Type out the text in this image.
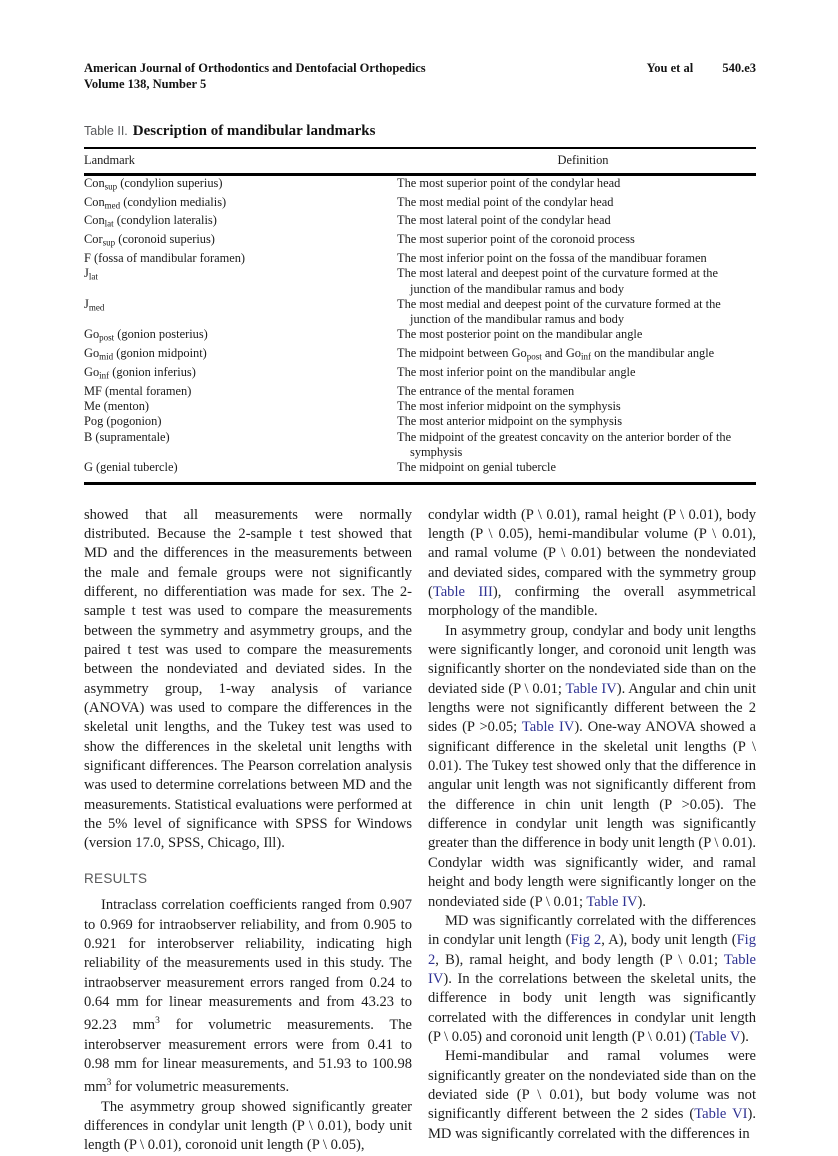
American Journal of Orthodontics and Dentofacial Orthopedics
Volume 138, Number 5
You et al 540.e3
Table II. Description of mandibular landmarks
Landmark	Definition
Con$_{sup}$ (condylion superius)	The most superior point of the condylar head
Con$_{med}$ (condylion medialis)	The most medial point of the condylar head
Con$_{lat}$ (condylion lateralis)	The most lateral point of the condylar head
Cor$_{sup}$ (coronoid superius)	The most superior point of the coronoid process
F (fossa of mandibular foramen)	The most inferior point on the fossa of the mandibuar foramen
$J_{lat}$	The most lateral and deepest point of the curvature formed at the junction of the mandibular ramus and body
$J_{med}$	The most medial and deepest point of the curvature formed at the junction of the mandibular ramus and body
$Go_{post}$ (gonion posterius)	The most posterior point on the mandibular angle
$Go_{mid}$ (gonion midpoint)	The midpoint between $Go_{post}$ and $Go_{inf}$ on the mandibular angle
$Go_{inf}$ (gonion inferius)	The most inferior point on the mandibular angle
MF (mental foramen)	The entrance of the mental foramen
Me (menton)	The most inferior midpoint on the symphysis
Pog (pogonion)	The most anterior midpoint on the symphysis
B (supramentale)	The midpoint of the greatest concavity on the anterior border of the symphysis
G (genial tubercle)	The midpoint on genial tubercle

showed that all measurements were normally distributed. Because the 2-sample t test showed that MD and the differences in the measurements between the male and female groups were not significantly different, no differentiation was made for sex. The 2-sample t test was used to compare the measurements between the symmetry and asymmetry groups, and the paired t test was used to compare the measurements between the nondeviated and deviated sides. In the asymmetry group, 1-way analysis of variance (ANOVA) was used to compare the differences in the skeletal unit lengths, and the Tukey test was used to show the differences in the skeletal unit lengths with significant differences. The Pearson correlation analysis was used to determine correlations between MD and the measurements. Statistical evaluations were performed at the 5% level of significance with SPSS for Windows (version 17.0, SPSS, Chicago, Ill).

RESULTS

Intraclass correlation coefficients ranged from 0.907 to 0.969 for intraobserver reliability, and from 0.905 to 0.921 for interobserver reliability, indicating high reliability of the measurements used in this study. The intraobserver measurement errors ranged from 0.24 to 0.64 mm for linear measurements and from 43.23 to 92.23 $mm^3$ for volumetric measurements. The interobserver measurement errors were from 0.41 to 0.98 mm for linear measurements, and 51.93 to 100.98 $mm^3$ for volumetric measurements.

The asymmetry group showed significantly greater differences in condylar unit length (P \ 0.01), body unit length (P \ 0.01), coronoid unit length (P \ 0.05),

condylar width (P \ 0.01), ramal height (P \ 0.01), body length (P \ 0.05), hemi-mandibular volume (P \ 0.01), and ramal volume (P \ 0.01) between the nondeviated and deviated sides, compared with the symmetry group (Table III), confirming the overall asymmetrical morphology of the mandible.

In asymmetry group, condylar and body unit lengths were significantly longer, and coronoid unit length was significantly shorter on the nondeviated side than on the deviated side (P \ 0.01; Table IV). Angular and chin unit lengths were not significantly different between the 2 sides (P >0.05; Table IV). One-way ANOVA showed a significant difference in the skeletal unit lengths (P \ 0.01). The Tukey test showed only that the difference in angular unit length was not significantly different from the difference in chin unit length (P >0.05). The difference in condylar unit length was significantly greater than the difference in body unit length (P \ 0.01). Condylar width was significantly wider, and ramal height and body length were significantly longer on the nondeviated side (P \ 0.01; Table IV).

MD was significantly correlated with the differences in condylar unit length (Fig 2, A), body unit length (Fig 2, B), ramal height, and body length (P \ 0.01; Table IV). In the correlations between the skeletal units, the difference in body unit length was significantly correlated with the differences in condylar unit length (P \ 0.05) and coronoid unit length (P \ 0.01) (Table V).

Hemi-mandibular and ramal volumes were significantly greater on the nondeviated side than on the deviated side (P \ 0.01), but body volume was not significantly different between the 2 sides (Table VI). MD was significantly correlated with the differences in
